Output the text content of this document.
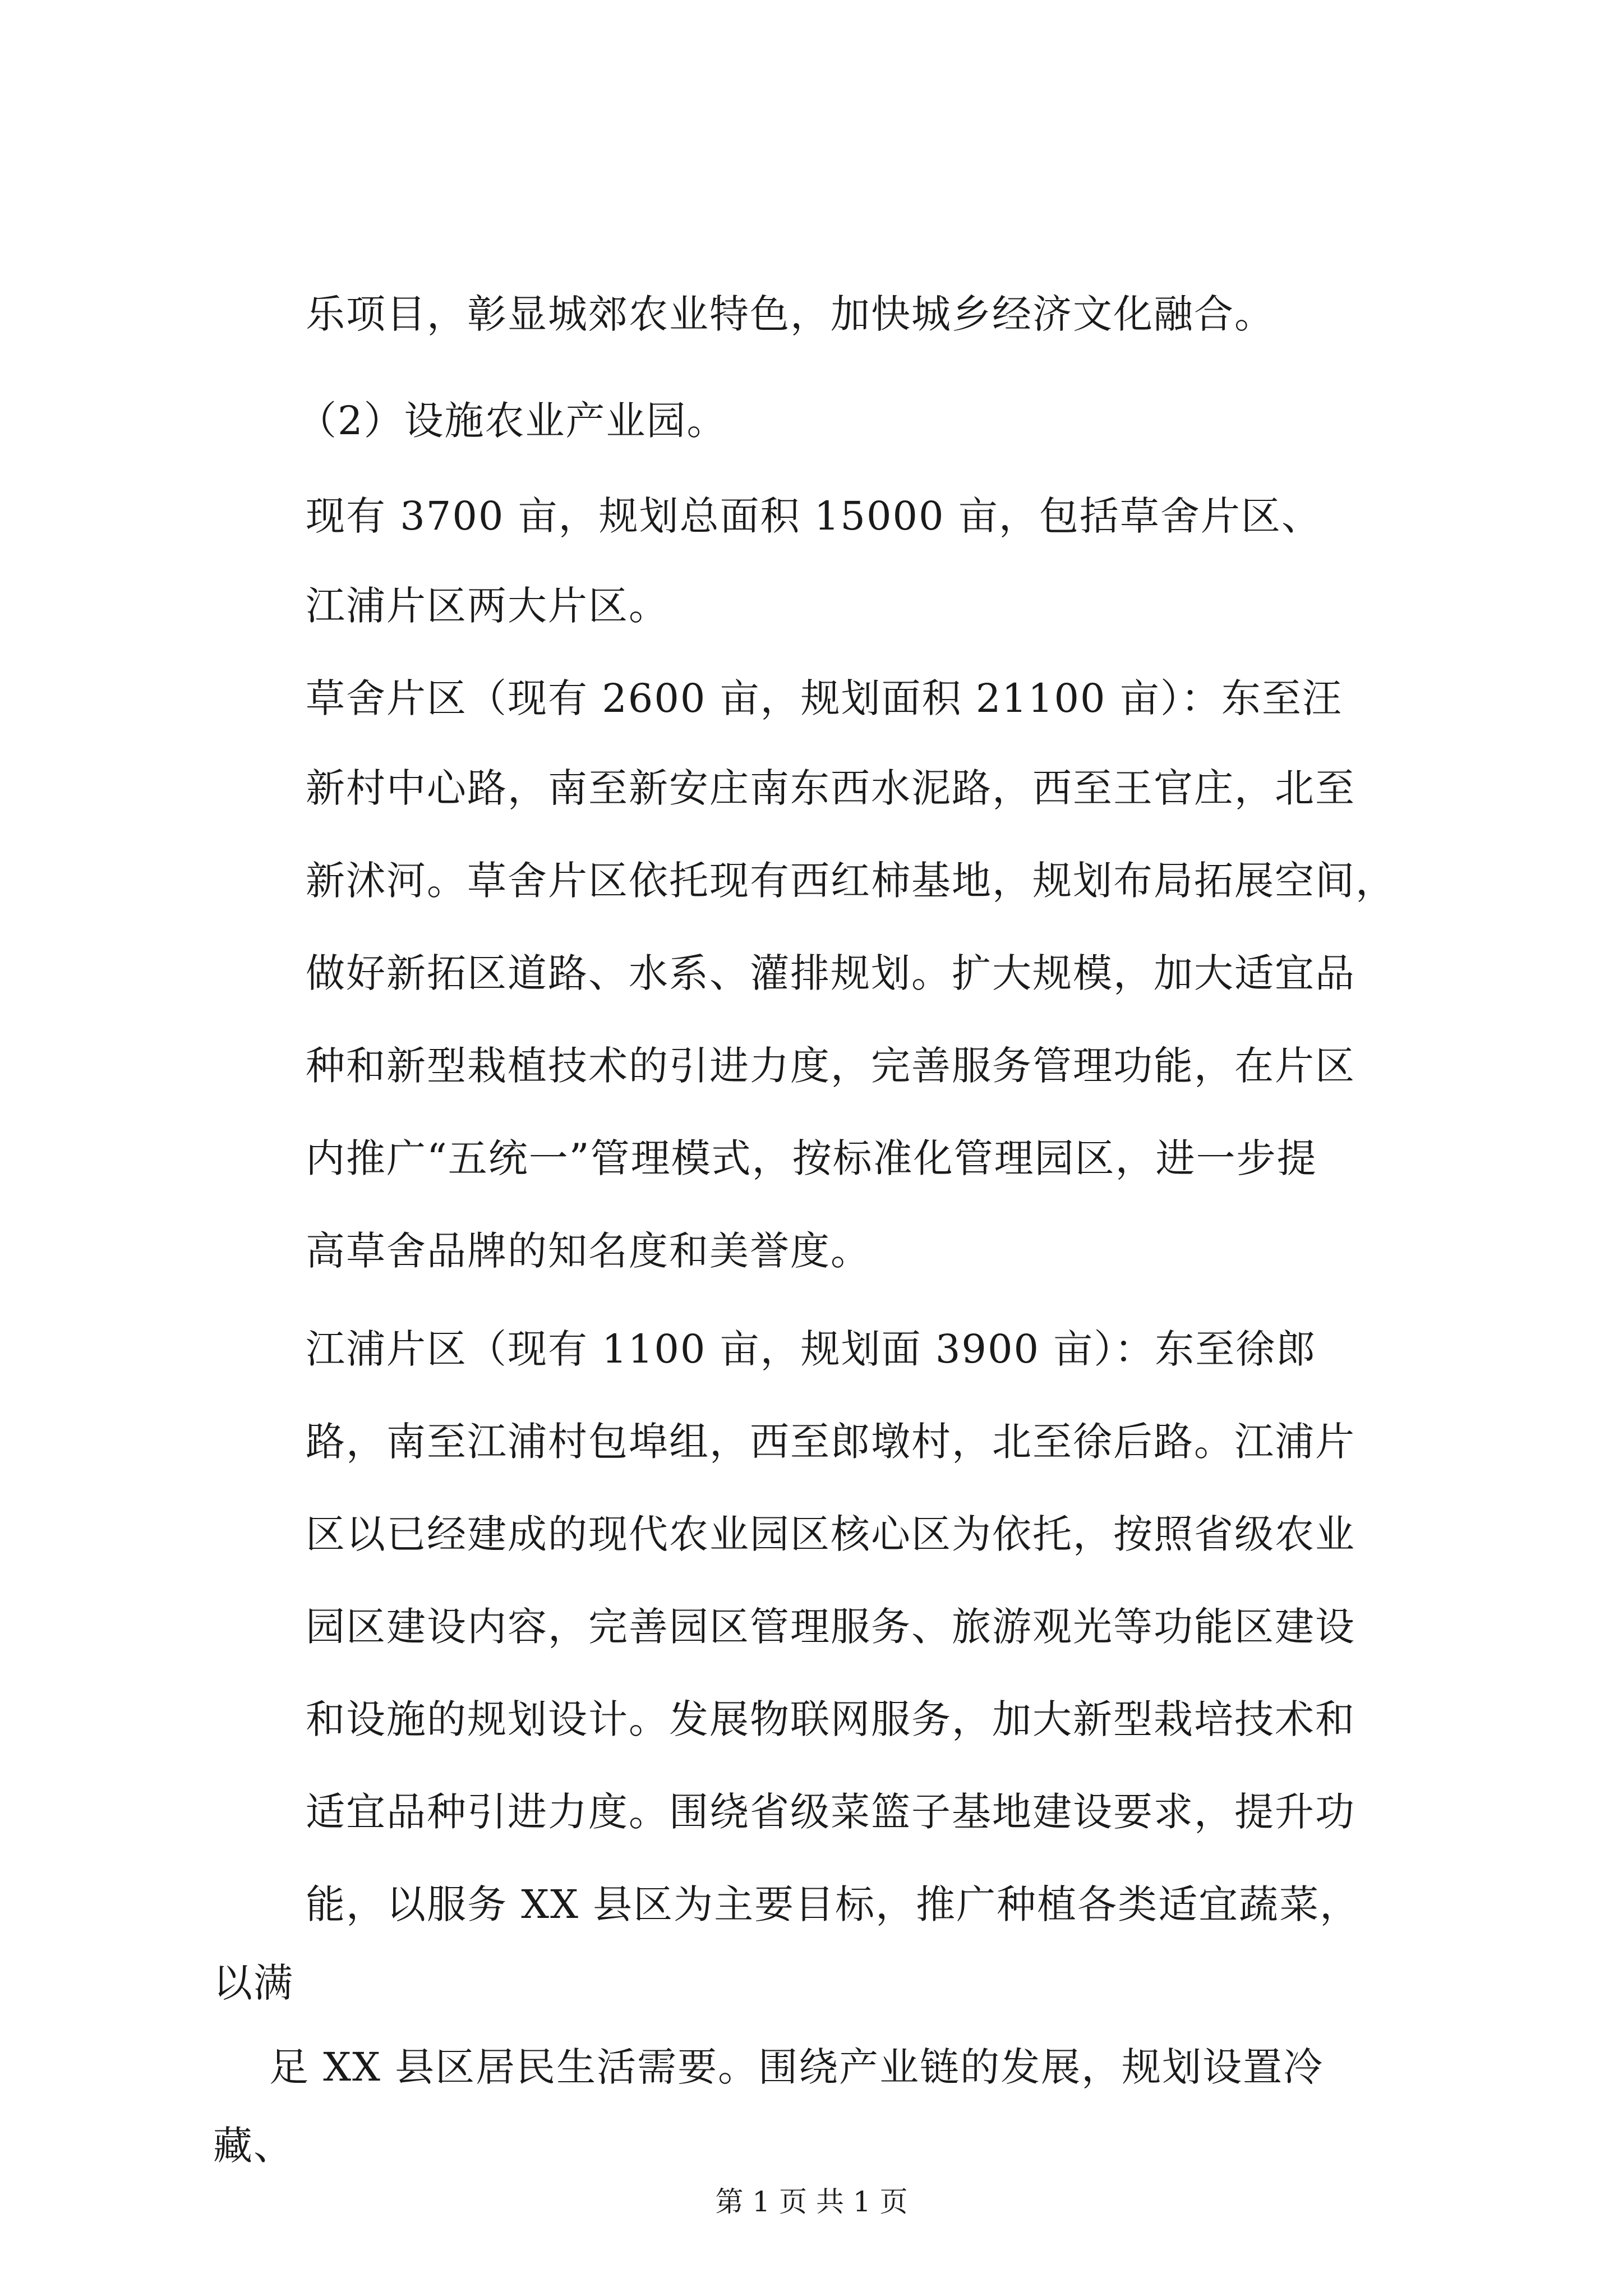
乐项目，彰显城郊农业特色，加快城乡经济文化融合。
（2）设施农业产业园。
现有 3700 亩，规划总面积 15000 亩，包括草舍片区、
江浦片区两大片区。
草舍片区（现有 2600 亩，规划面积 21100 亩）：东至汪
新村中心路，南至新安庄南东西水泥路，西至王官庄，北至
新沭河。草舍片区依托现有西红柿基地，规划布局拓展空间，
做好新拓区道路、水系、灌排规划。扩大规模，加大适宜品
种和新型栽植技术的引进力度，完善服务管理功能，在片区
内推广“五统一”管理模式，按标准化管理园区，进一步提
高草舍品牌的知名度和美誉度。
江浦片区（现有 1100 亩，规划面 3900 亩）：东至徐郎
路，南至江浦村包埠组，西至郎墩村，北至徐后路。江浦片
区以已经建成的现代农业园区核心区为依托，按照省级农业
园区建设内容，完善园区管理服务、旅游观光等功能区建设
和设施的规划设计。发展物联网服务，加大新型栽培技术和
适宜品种引进力度。围绕省级菜篮子基地建设要求，提升功
能，以服务 XX 县区为主要目标，推广种植各类适宜蔬菜，
以满
足 XX 县区居民生活需要。围绕产业链的发展，规划设置冷
藏、
第 1 页 共 1 页
